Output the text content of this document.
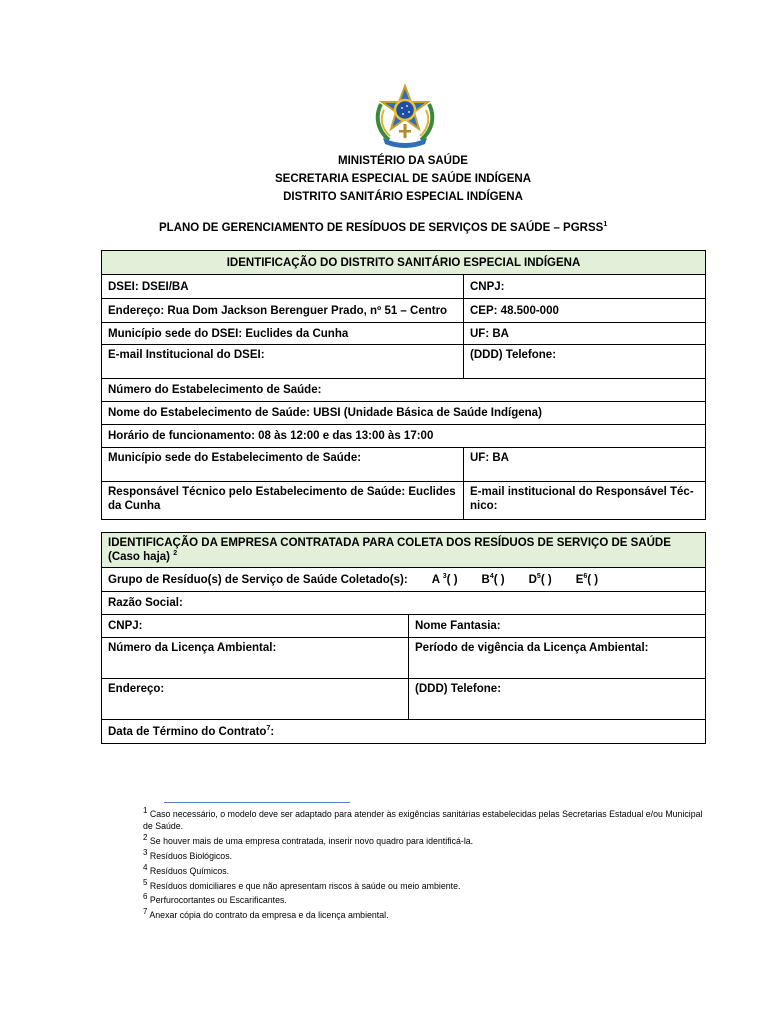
MINISTÉRIO DA SAÚDE
SECRETARIA ESPECIAL DE SAÚDE INDÍGENA
DISTRITO SANITÁRIO ESPECIAL INDÍGENA
PLANO DE GERENCIAMENTO DE RESÍDUOS DE SERVIÇOS DE SAÚDE – PGRSS$^1$
IDENTIFICAÇÃO DO DISTRITO SANITÁRIO ESPECIAL INDÍGENA	
DSEI: DSEI/BA	CNPJ:
Endereço: Rua Dom Jackson Berenguer Prado, nº 51 – Centro	CEP: 48.500-000
Município sede do DSEI: Euclides da Cunha	UF: BA
E-mail Institucional do DSEI:	(DDD) Telefone:
Número do Estabelecimento de Saúde:	
Nome do Estabelecimento de Saúde: UBSI (Unidade Básica de Saúde Indígena)	
Horário de funcionamento: 08 às 12:00 e das 13:00 às 17:00	
Município sede do Estabelecimento de Saúde:	UF: BA
Responsável Técnico pelo Estabelecimento de Saúde: Euclides da Cunha	E-mail institucional do Responsável Téc-nico:
IDENTIFICAÇÃO DA EMPRESA CONTRATADA PARA COLETA DOS RESÍDUOS DE SERVIÇO DE SAÚDE (Caso haja) $^2$

Grupo de Resíduo(s) de Serviço de Saúde Coletado(s): A $^3$( ) $B^4$( ) $D^5$( ) $E^6$( )	

Razão Social:	
CNPJ:	Nome Fantasia:
Número da Licença Ambiental:	Período de vigência da Licença Ambiental:
Endereço:	(DDD) Telefone:
Data de Término do Contrato$^7$:	
$^1$ Caso necessário, o modelo deve ser adaptado para atender às exigências sanitárias estabelecidas pelas Secretarias Estadual e/ou Municipal de Saúde.
$^2$ Se houver mais de uma empresa contratada, inserir novo quadro para identificá-la.
$^3$ Resíduos Biológicos.
$^4$ Resíduos Químicos.
$^5$ Resíduos domiciliares e que não apresentam riscos à saúde ou meio ambiente.
$^6$ Perfurocortantes ou Escarificantes.
$^7$ Anexar cópia do contrato da empresa e da licença ambiental.
